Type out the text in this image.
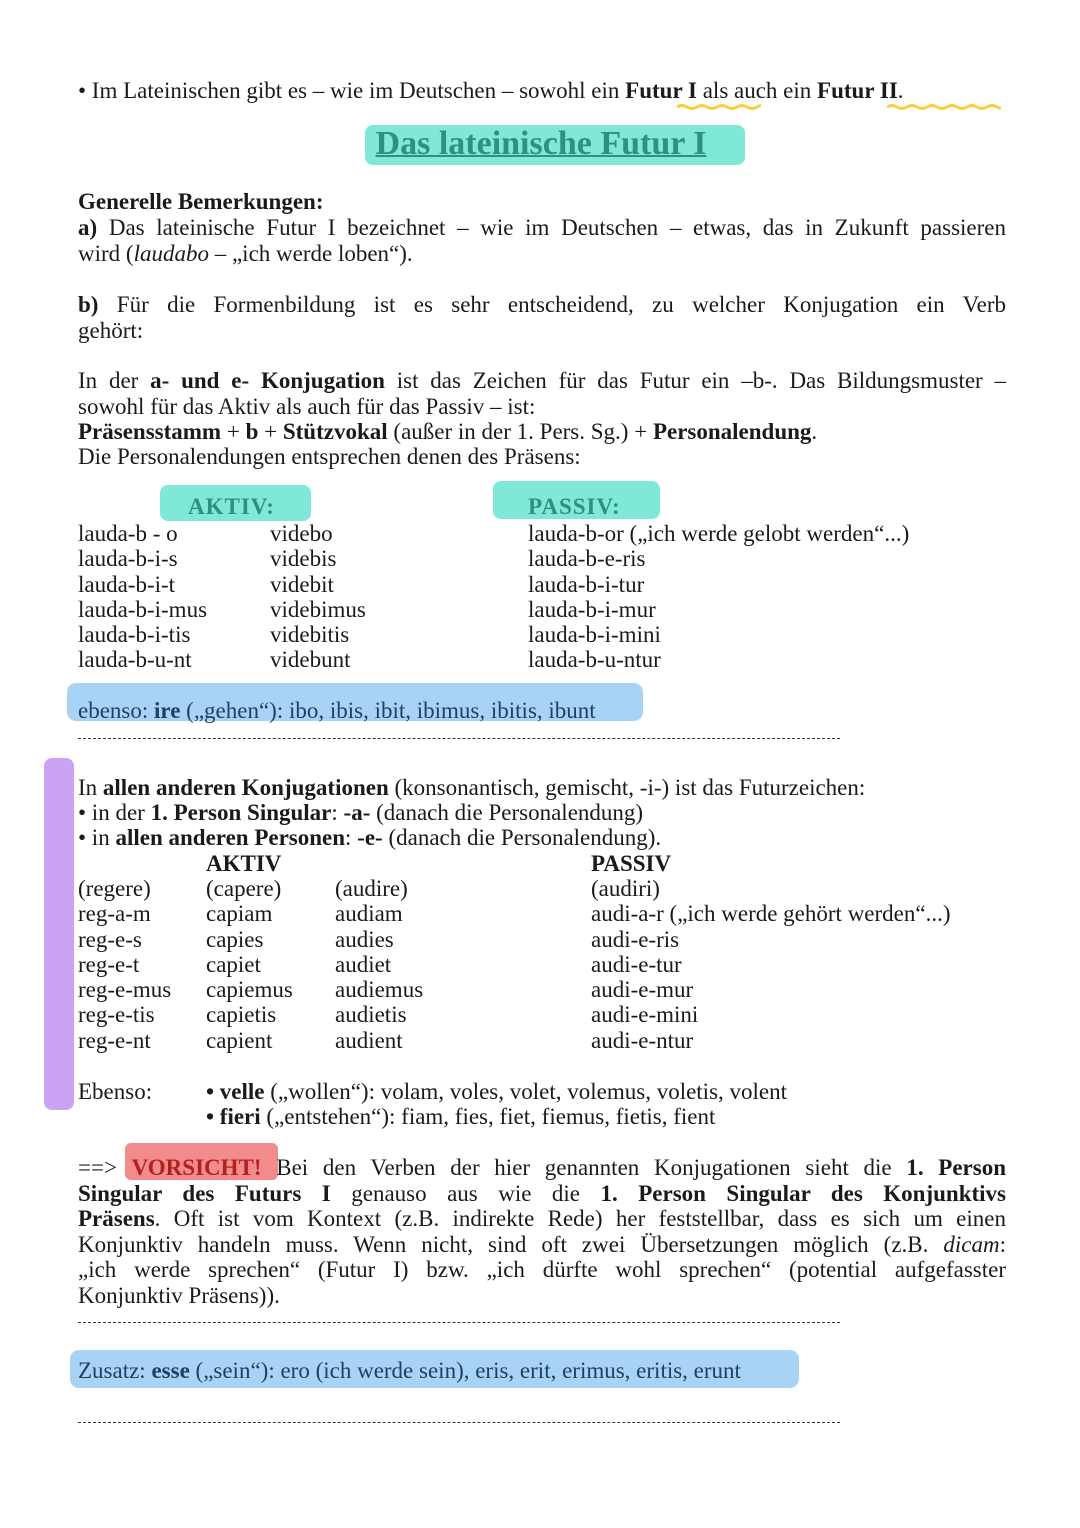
• Im Lateinischen gibt es – wie im Deutschen – sowohl ein Futur I als auch ein Futur II.
Das lateinische Futur I
Generelle Bemerkungen:
a) Das lateinische Futur I bezeichnet – wie im Deutschen – etwas, das in Zukunft passieren
wird (laudabo – „ich werde loben“).
b) Für die Formenbildung ist es sehr entscheidend, zu welcher Konjugation ein Verb
gehört:
In der a- und e- Konjugation ist das Zeichen für das Futur ein –b-. Das Bildungsmuster –
sowohl für das Aktiv als auch für das Passiv – ist:
Präsensstamm + b + Stützvokal (außer in der 1. Pers. Sg.) + Personalendung.
Die Personalendungen entsprechen denen des Präsens:
AKTIV:	PASSIV:
lauda-b - o
lauda-b-i-s
lauda-b-i-t
lauda-b-i-mus
lauda-b-i-tis
lauda-b-u-nt
videbo
videbis
videbit
videbimus
videbitis
videbunt
lauda-b-or („ich werde gelobt werden“...)
lauda-b-e-ris
lauda-b-i-tur
lauda-b-i-mur
lauda-b-i-mini
lauda-b-u-ntur
ebenso: ire („gehen“): ibo, ibis, ibit, ibimus, ibitis, ibunt
In allen anderen Konjugationen (konsonantisch, gemischt, -i-) ist das Futurzeichen:
• in der 1. Person Singular: -a- (danach die Personalendung)
• in allen anderen Personen: -e- (danach die Personalendung).
AKTIV	PASSIV
(regere)
reg-a-m
reg-e-s
reg-e-t
reg-e-mus
reg-e-tis
reg-e-nt
(capere)
capiam
capies
capiet
capiemus
capietis
capient
(audire)
audiam
audies
audiet
audiemus
audietis
audient
(audiri)
audi-a-r („ich werde gehört werden“...)
audi-e-ris
audi-e-tur
audi-e-mur
audi-e-mini
audi-e-ntur
Ebenso: • velle („wollen“): volam, voles, volet, volemus, voletis, volent
• fieri („entstehen“): fiam, fies, fiet, fiemus, fietis, fient
==> VORSICHT! Bei den Verben der hier genannten Konjugationen sieht die 1. Person
Singular des Futurs I genauso aus wie die 1. Person Singular des Konjunktivs
Präsens. Oft ist vom Kontext (z.B. indirekte Rede) her feststellbar, dass es sich um einen
Konjunktiv handeln muss. Wenn nicht, sind oft zwei Übersetzungen möglich (z.B. dicam:
„ich werde sprechen“ (Futur I) bzw. „ich dürfte wohl sprechen“ (potential aufgefasster
Konjunktiv Präsens)).
Zusatz: esse („sein“): ero (ich werde sein), eris, erit, erimus, eritis, erunt
